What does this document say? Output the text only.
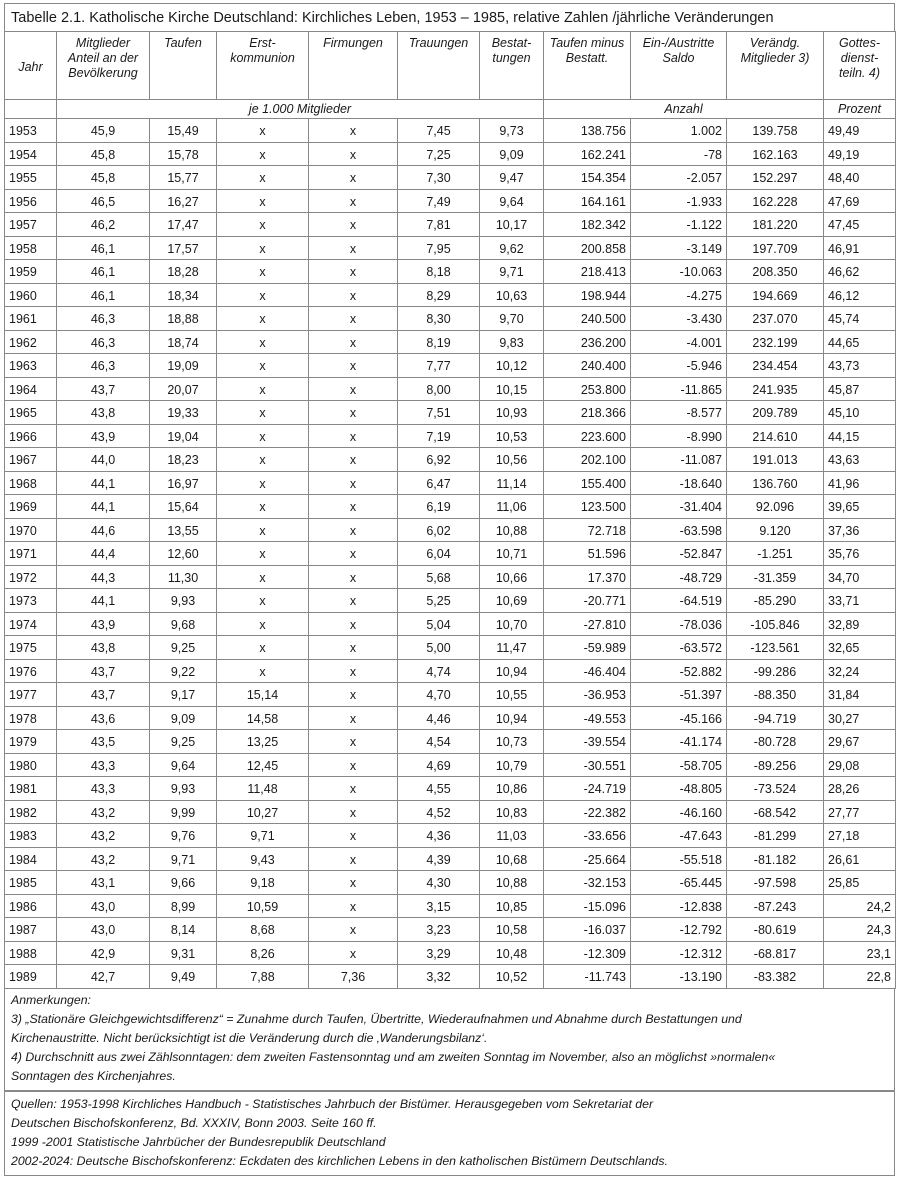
Tabelle 2.1. Katholische Kirche Deutschland: Kirchliches Leben, 1953 – 1985, relative Zahlen /jährliche Veränderungen
Jahr	Mitglieder Anteil an der Bevölkerung	Taufen	Erst-kommunion	Firmungen	Trauungen	Bestat-tungen	Taufen minus Bestatt.	Ein-/Austritte Saldo	Verändg. Mitglieder 3)	Gottes-dienst-teiln. 4)
	je 1.000 Mitglieder						Anzahl			Prozent
1953	45,9	15,49	x	x	7,45	9,73	138.756	1.002	139.758	49,49
1954	45,8	15,78	x	x	7,25	9,09	162.241	-78	162.163	49,19
1955	45,8	15,77	x	x	7,30	9,47	154.354	-2.057	152.297	48,40
1956	46,5	16,27	x	x	7,49	9,64	164.161	-1.933	162.228	47,69
1957	46,2	17,47	x	x	7,81	10,17	182.342	-1.122	181.220	47,45
1958	46,1	17,57	x	x	7,95	9,62	200.858	-3.149	197.709	46,91
1959	46,1	18,28	x	x	8,18	9,71	218.413	-10.063	208.350	46,62
1960	46,1	18,34	x	x	8,29	10,63	198.944	-4.275	194.669	46,12
1961	46,3	18,88	x	x	8,30	9,70	240.500	-3.430	237.070	45,74
1962	46,3	18,74	x	x	8,19	9,83	236.200	-4.001	232.199	44,65
1963	46,3	19,09	x	x	7,77	10,12	240.400	-5.946	234.454	43,73
1964	43,7	20,07	x	x	8,00	10,15	253.800	-11.865	241.935	45,87
1965	43,8	19,33	x	x	7,51	10,93	218.366	-8.577	209.789	45,10
1966	43,9	19,04	x	x	7,19	10,53	223.600	-8.990	214.610	44,15
1967	44,0	18,23	x	x	6,92	10,56	202.100	-11.087	191.013	43,63
1968	44,1	16,97	x	x	6,47	11,14	155.400	-18.640	136.760	41,96
1969	44,1	15,64	x	x	6,19	11,06	123.500	-31.404	92.096	39,65
1970	44,6	13,55	x	x	6,02	10,88	72.718	-63.598	9.120	37,36
1971	44,4	12,60	x	x	6,04	10,71	51.596	-52.847	-1.251	35,76
1972	44,3	11,30	x	x	5,68	10,66	17.370	-48.729	-31.359	34,70
1973	44,1	9,93	x	x	5,25	10,69	-20.771	-64.519	-85.290	33,71
1974	43,9	9,68	x	x	5,04	10,70	-27.810	-78.036	-105.846	32,89
1975	43,8	9,25	x	x	5,00	11,47	-59.989	-63.572	-123.561	32,65
1976	43,7	9,22	x	x	4,74	10,94	-46.404	-52.882	-99.286	32,24
1977	43,7	9,17	15,14	x	4,70	10,55	-36.953	-51.397	-88.350	31,84
1978	43,6	9,09	14,58	x	4,46	10,94	-49.553	-45.166	-94.719	30,27
1979	43,5	9,25	13,25	x	4,54	10,73	-39.554	-41.174	-80.728	29,67
1980	43,3	9,64	12,45	x	4,69	10,79	-30.551	-58.705	-89.256	29,08
1981	43,3	9,93	11,48	x	4,55	10,86	-24.719	-48.805	-73.524	28,26
1982	43,2	9,99	10,27	x	4,52	10,83	-22.382	-46.160	-68.542	27,77
1983	43,2	9,76	9,71	x	4,36	11,03	-33.656	-47.643	-81.299	27,18
1984	43,2	9,71	9,43	x	4,39	10,68	-25.664	-55.518	-81.182	26,61
1985	43,1	9,66	9,18	x	4,30	10,88	-32.153	-65.445	-97.598	25,85
1986	43,0	8,99	10,59	x	3,15	10,85	-15.096	-12.838	-87.243	24,2
1987	43,0	8,14	8,68	x	3,23	10,58	-16.037	-12.792	-80.619	24,3
1988	42,9	9,31	8,26	x	3,29	10,48	-12.309	-12.312	-68.817	23,1
1989	42,7	9,49	7,88	7,36	3,32	10,52	-11.743	-13.190	-83.382	22,8
Anmerkungen:
3) „Stationäre Gleichgewichtsdifferenz“ = Zunahme durch Taufen, Übertritte, Wiederaufnahmen und Abnahme durch Bestattungen und
Kirchenaustritte. Nicht berücksichtigt ist die Veränderung durch die ‚Wanderungsbilanz‘.
4) Durchschnitt aus zwei Zählsonntagen: dem zweiten Fastensonntag und am zweiten Sonntag im November, also an möglichst »normalen«
Sonntagen des Kirchenjahres.
Quellen: 1953-1998 Kirchliches Handbuch - Statistisches Jahrbuch der Bistümer. Herausgegeben vom Sekretariat der
Deutschen Bischofskonferenz, Bd. XXXIV, Bonn 2003. Seite 160 ff.
1999 -2001 Statistische Jahrbücher der Bundesrepublik Deutschland
2002-2024: Deutsche Bischofskonferenz: Eckdaten des kirchlichen Lebens in den katholischen Bistümern Deutschlands.
